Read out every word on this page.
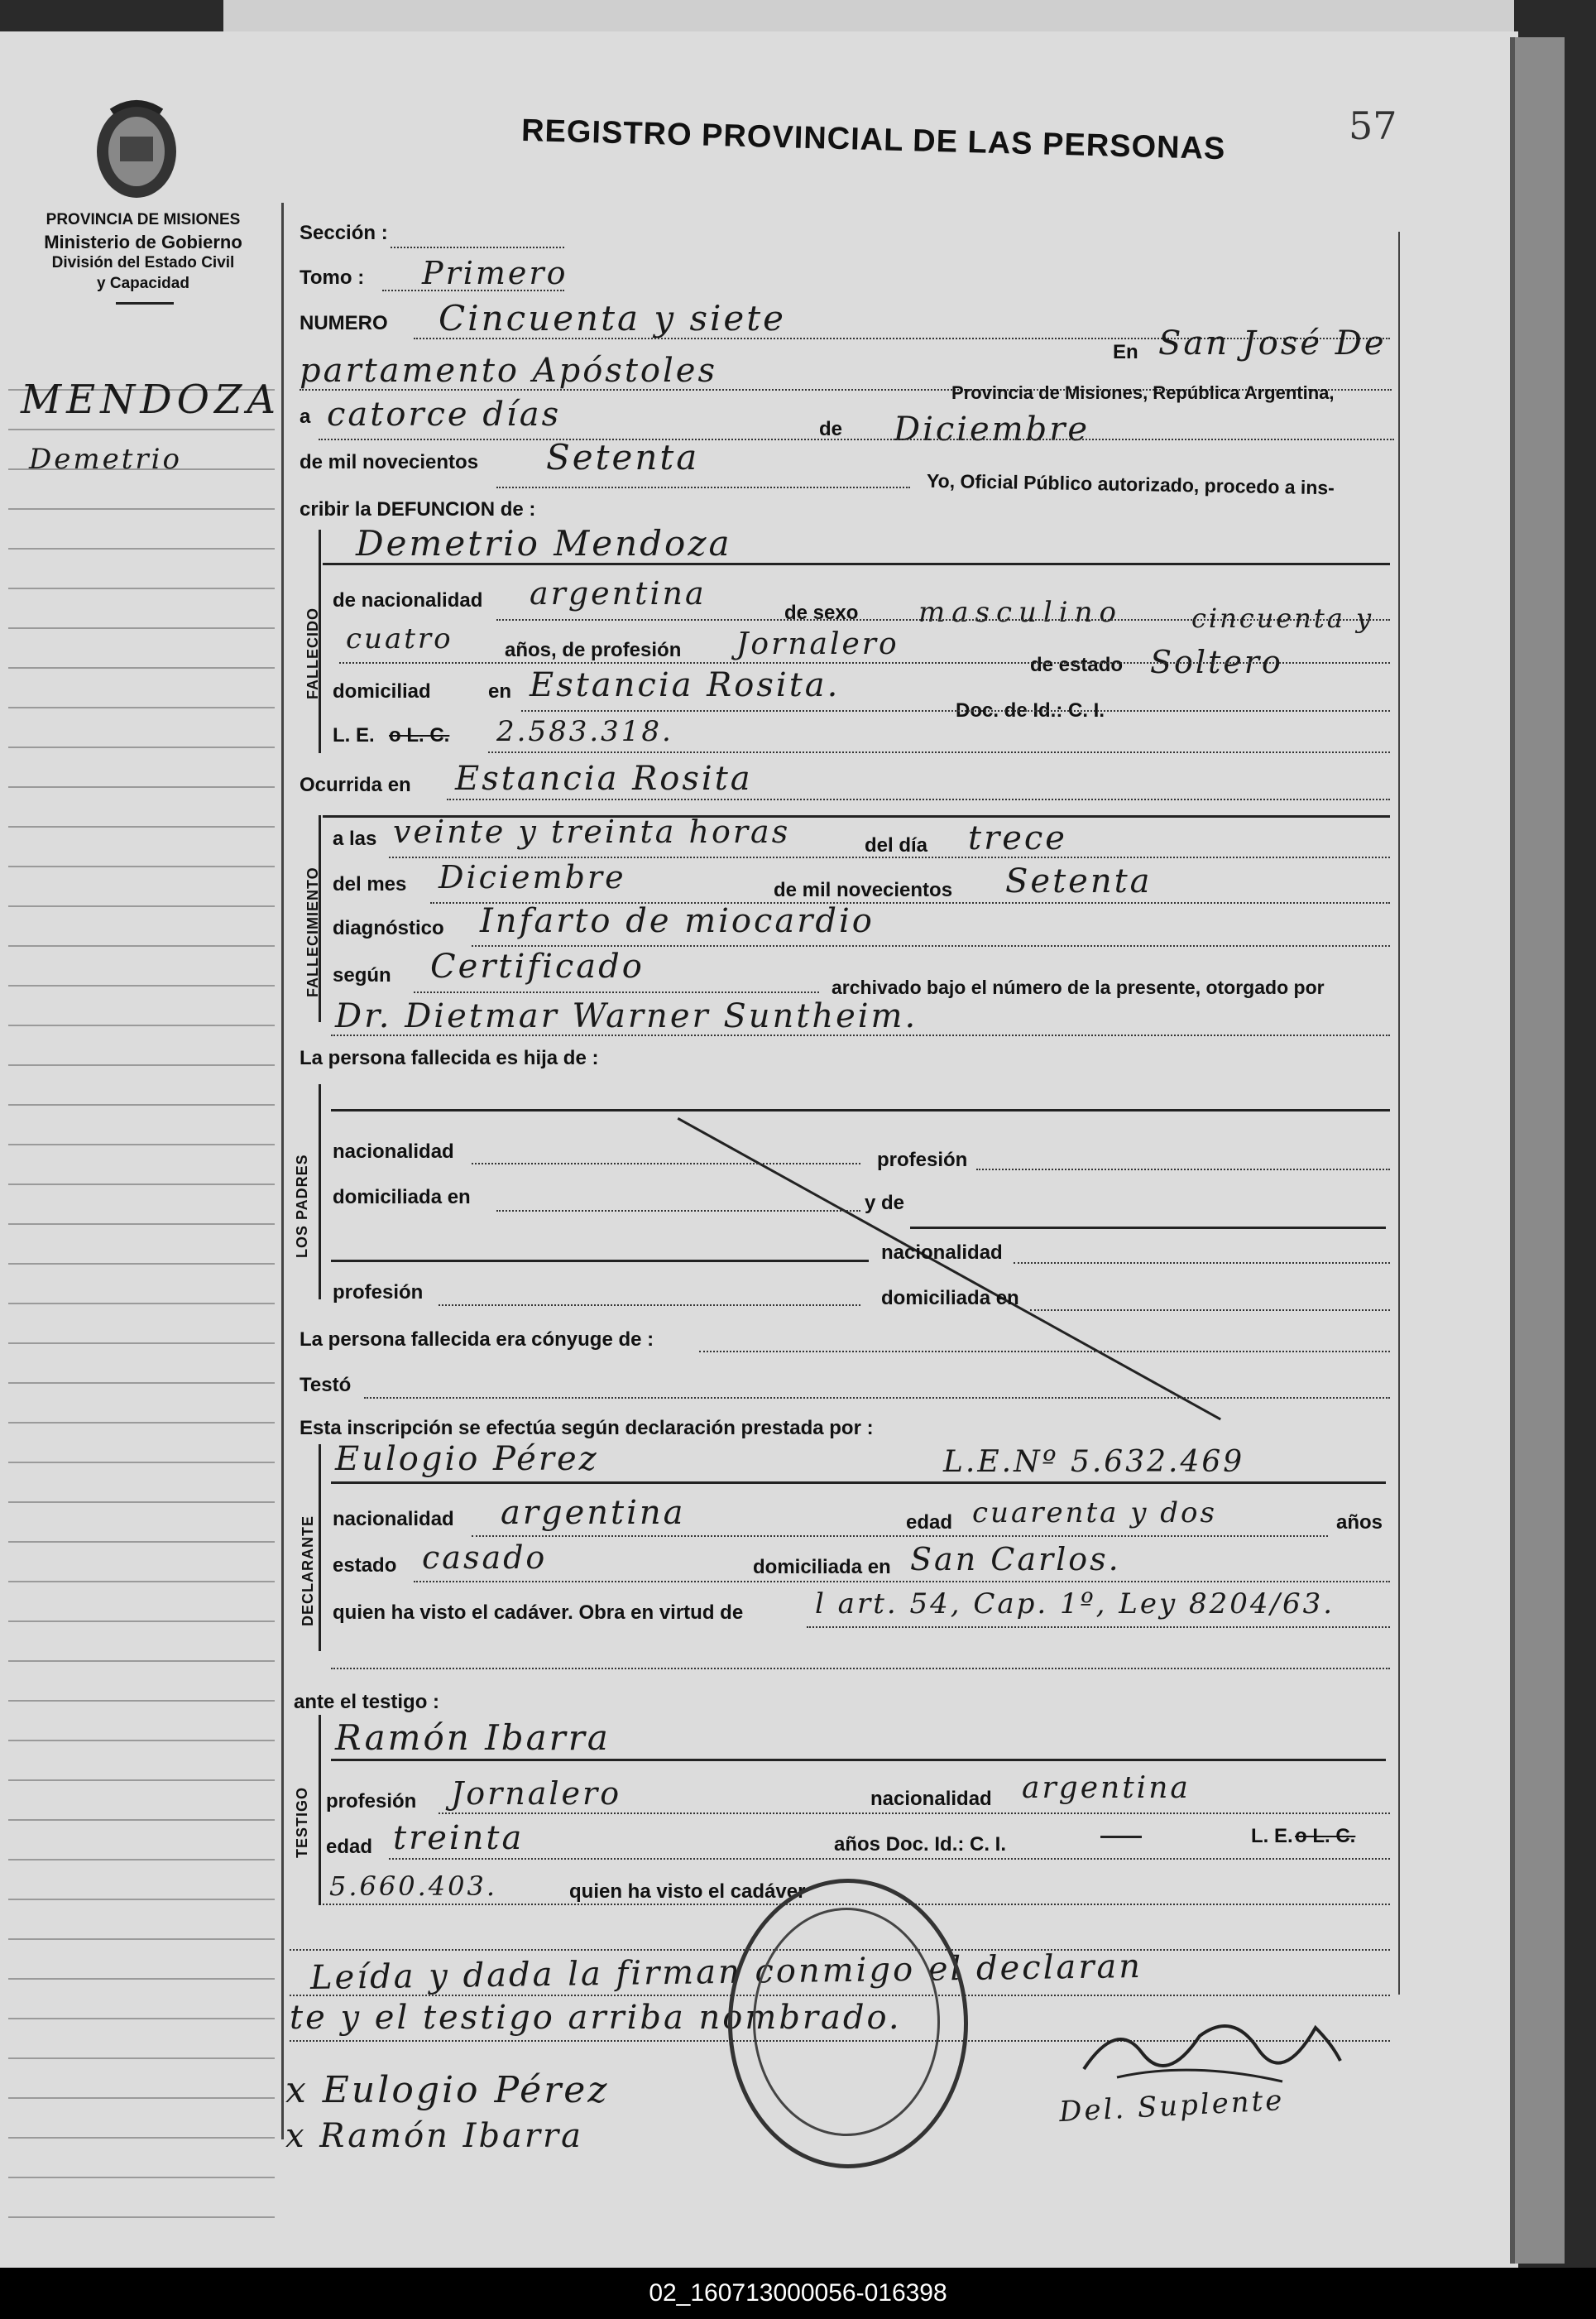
PROVINCIA DE MISIONES
Ministerio de Gobierno
División del Estado Civil
y Capacidad
REGISTRO PROVINCIAL DE LAS PERSONAS	57
MENDOZA
Demetrio
Sección :
Tomo : Primero
NUMERO Cincuenta y siete
En San José De
partamento Apóstoles
Provincia de Misiones, República Argentina,
a catorce días	de Diciembre
de mil novecientos Setenta
Yo, Oficial Público autorizado, procedo a ins-
cribir la DEFUNCION de :
FALLECIDO
Demetrio Mendoza
de nacionalidad argentina
de sexo masculino	cincuenta y
cuatro	años, de profesión Jornalero
de estado Soltero
domiciliad	en Estancia Rosita.
Doc. de Id.: C. I.
L. E. o L. C. 2.583.318.
Ocurrida en Estancia Rosita
FALLECIMIENTO
a las veinte y treinta horas	del día trece
del mes Diciembre	de mil novecientos Setenta
diagnóstico Infarto de miocardio
según Certificado
archivado bajo el número de la presente, otorgado por
Dr. Dietmar Warner Suntheim.
La persona fallecida es hija de :
LOS PADRES
nacionalidad	profesión
domiciliada en	y de
nacionalidad
profesión	domiciliada en
La persona fallecida era cónyuge de :
Testó
Esta inscripción se efectúa según declaración prestada por :
DECLARANTE
Eulogio Pérez	L.E.Nº 5.632.469
nacionalidad argentina	edad cuarenta y dos	años
estado casado	domiciliada en San Carlos.
quien ha visto el cadáver. Obra en virtud de	l art. 54, Cap. 1º, Ley 8204/63.
ante el testigo :
TESTIGO
Ramón Ibarra
profesión Jornalero	nacionalidad argentina
edad treinta	años Doc. Id.: C. I.	L. E. o L. C.
5.660.403.	quien ha visto el cadáver
Leída y dada la firman conmigo el declaran
te y el testigo arriba nombrado.
x Eulogio Pérez
x Ramón Ibarra
Del. Suplente
02_160713000056-016398
